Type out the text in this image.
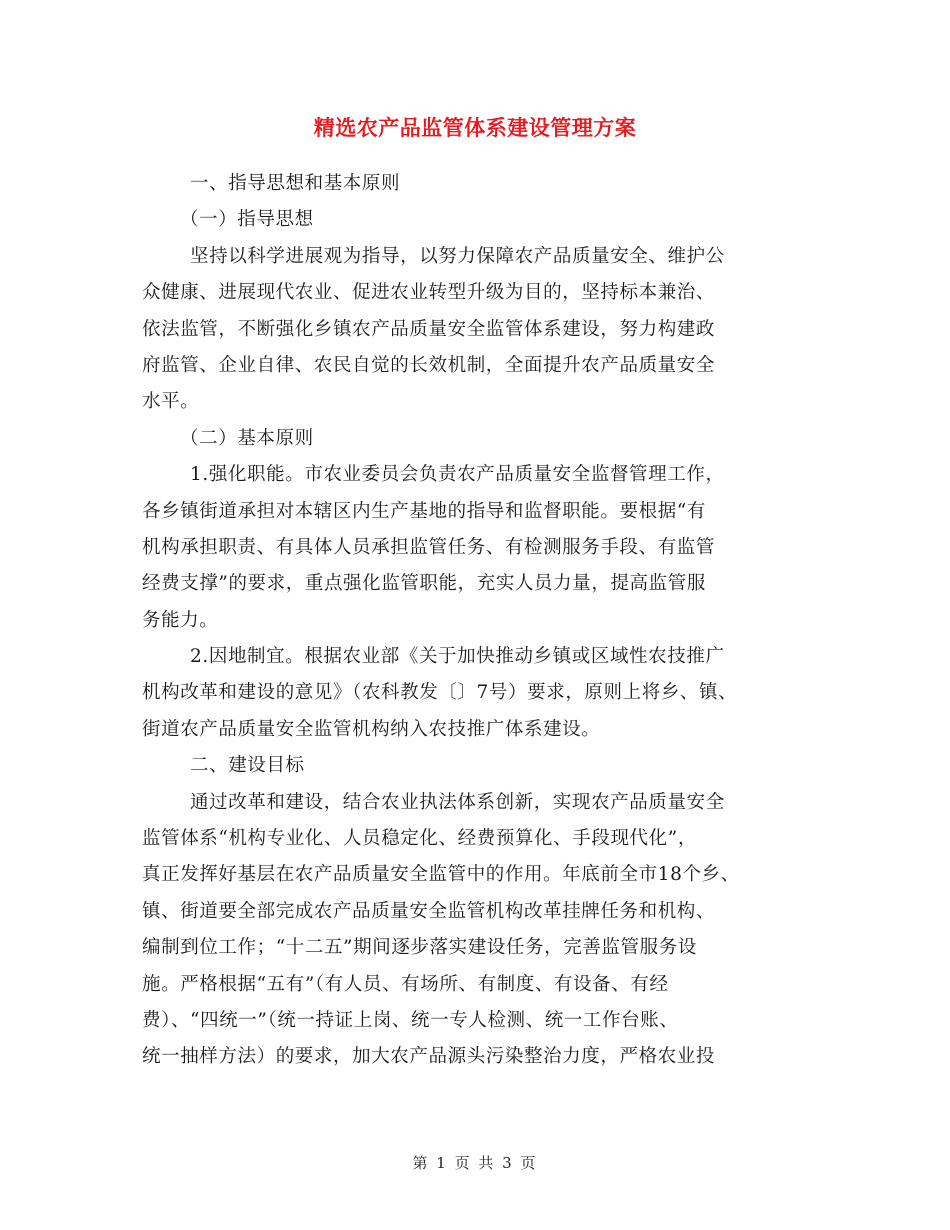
精选农产品监管体系建设管理方案
一、指导思想和基本原则
（一）指导思想
坚持以科学进展观为指导，以努力保障农产品质量安全、维护公
众健康、进展现代农业、促进农业转型升级为目的，坚持标本兼治、
依法监管，不断强化乡镇农产品质量安全监管体系建设，努力构建政
府监管、企业自律、农民自觉的长效机制，全面提升农产品质量安全
水平。
（二）基本原则
1.强化职能。市农业委员会负责农产品质量安全监督管理工作，
各乡镇街道承担对本辖区内生产基地的指导和监督职能。要根据“有
机构承担职责、有具体人员承担监管任务、有检测服务手段、有监管
经费支撑”的要求，重点强化监管职能，充实人员力量，提高监管服
务能力。
2.因地制宜。根据农业部《关于加快推动乡镇或区域性农技推广
机构改革和建设的意见》（农科教发〔〕7号）要求，原则上将乡、镇、
街道农产品质量安全监管机构纳入农技推广体系建设。
二、建设目标
通过改革和建设，结合农业执法体系创新，实现农产品质量安全
监管体系“机构专业化、人员稳定化、经费预算化、手段现代化”，
真正发挥好基层在农产品质量安全监管中的作用。年底前全市18个乡、
镇、街道要全部完成农产品质量安全监管机构改革挂牌任务和机构、
编制到位工作；“十二五”期间逐步落实建设任务，完善监管服务设
施。严格根据“五有”（有人员、有场所、有制度、有设备、有经
费）、“四统一”（统一持证上岗、统一专人检测、统一工作台账、
统一抽样方法）的要求，加大农产品源头污染整治力度，严格农业投
第 1 页 共 3 页
